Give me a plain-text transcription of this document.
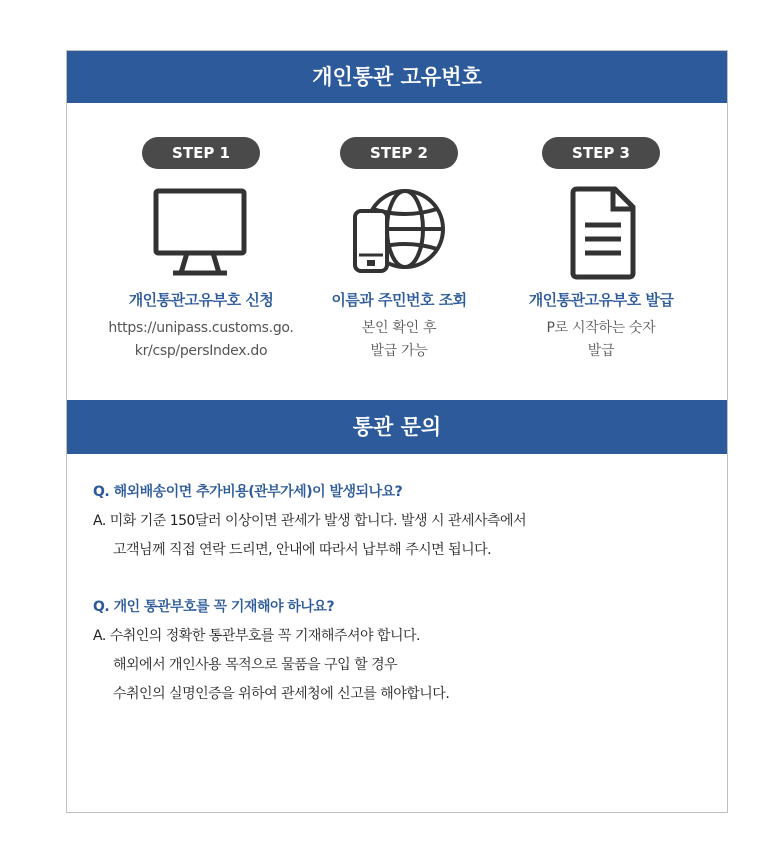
개인통관 고유번호
STEP 1
개인통관고유부호 신청
https://unipass.customs.go.
kr/csp/persIndex.do
STEP 2
이름과 주민번호 조회
본인 확인 후
발급 가능
STEP 3
개인통관고유부호 발급
P로 시작하는 숫자
발급
통관 문의
Q. 해외배송이면 추가비용(관부가세)이 발생되나요?
A. 미화 기준 150달러 이상이면 관세가 발생 합니다. 발생 시 관세사측에서
고객님께 직접 연락 드리면, 안내에 따라서 납부해 주시면 됩니다.
Q. 개인 통관부호를 꼭 기재해야 하나요?
A. 수취인의 정확한 통관부호를 꼭 기재해주셔야 합니다.
해외에서 개인사용 목적으로 물품을 구입 할 경우
수취인의 실명인증을 위하여 관세청에 신고를 해야합니다.
